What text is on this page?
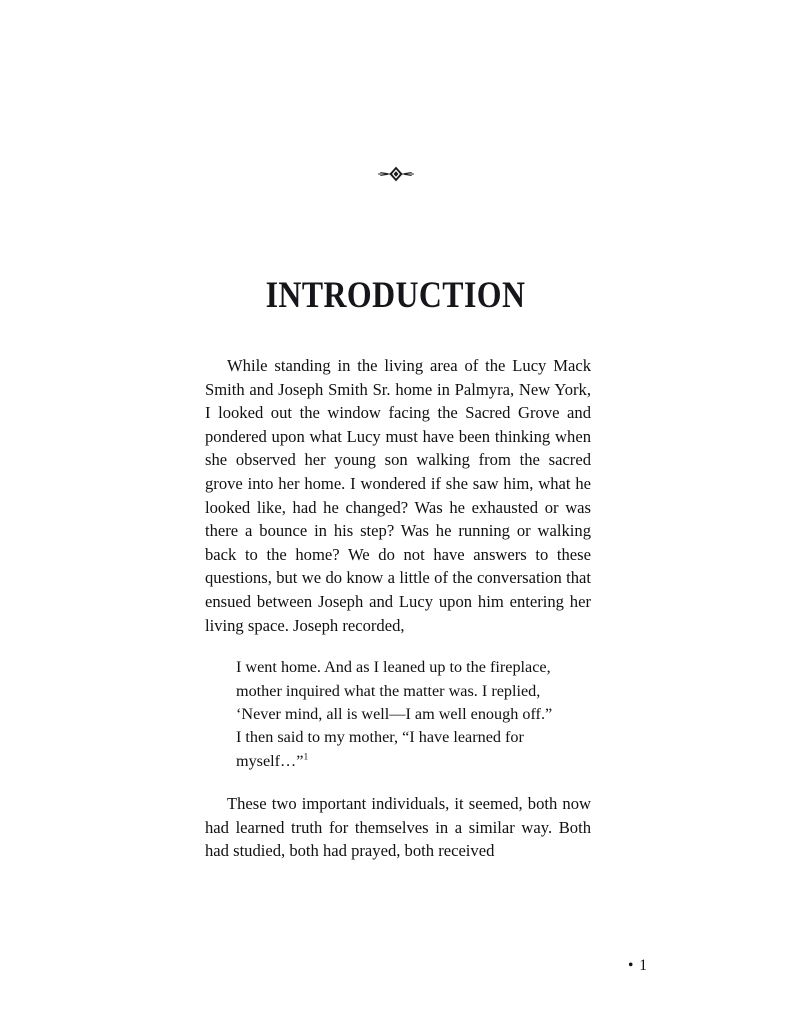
INTRODUCTION

While standing in the living area of the Lucy Mack Smith and Joseph Smith Sr. home in Palmyra, New York, I looked out the window facing the Sacred Grove and pondered upon what Lucy must have been thinking when she observed her young son walking from the sacred grove into her home. I wondered if she saw him, what he looked like, had he changed? Was he exhausted or was there a bounce in his step? Was he running or walking back to the home? We do not have answers to these questions, but we do know a little of the conversation that ensued between Joseph and Lucy upon him entering her living space. Joseph recorded,

I went home. And as I leaned up to the fireplace, mother inquired what the matter was. I replied, ‘Never mind, all is well—I am well enough off.” I then said to my mother, “I have learned for myself…”$^1$

These two important individuals, it seemed, both now had learned truth for themselves in a similar way. Both had studied, both had prayed, both received

• 1
